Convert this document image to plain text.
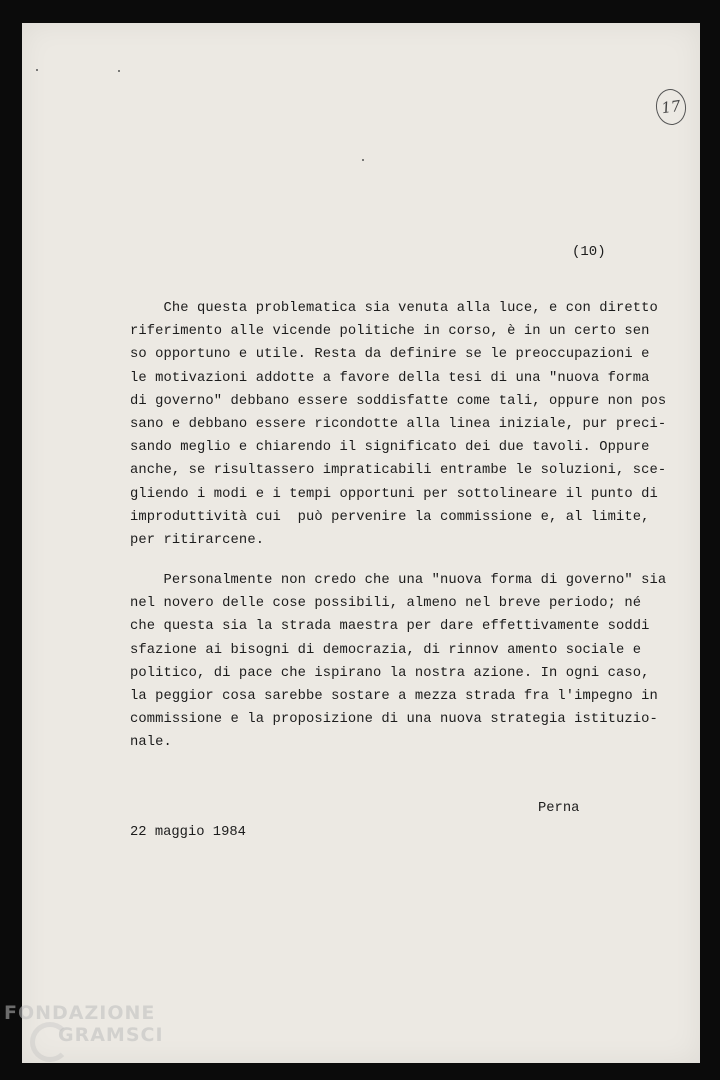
17

(10)

Che questa problematica sia venuta alla luce, e con diretto
riferimento alle vicende politiche in corso, è in un certo sen
so opportuno e utile. Resta da definire se le preoccupazioni e
le motivazioni addotte a favore della tesi di una "nuova forma
di governo" debbano essere soddisfatte come tali, oppure non pos
sano e debbano essere ricondotte alla linea iniziale, pur preci-
sando meglio e chiarendo il significato dei due tavoli. Oppure
anche, se risultassero impraticabili entrambe le soluzioni, sce-
gliendo i modi e i tempi opportuni per sottolineare il punto di
improduttività cui  può pervenire la commissione e, al limite,
per ritirarcene.
Personalmente non credo che una "nuova forma di governo" sia
nel novero delle cose possibili, almeno nel breve periodo; né
che questa sia la strada maestra per dare effettivamente soddi
sfazione ai bisogni di democrazia, di rinnov amento sociale e
politico, di pace che ispirano la nostra azione. In ogni caso,
la peggior cosa sarebbe sostare a mezza strada fra l'impegno in
commissione e la proposizione di una nuova strategia istituzio-
nale.

Perna

22 maggio 1984

FONDAZIONE
GRAMSCI
